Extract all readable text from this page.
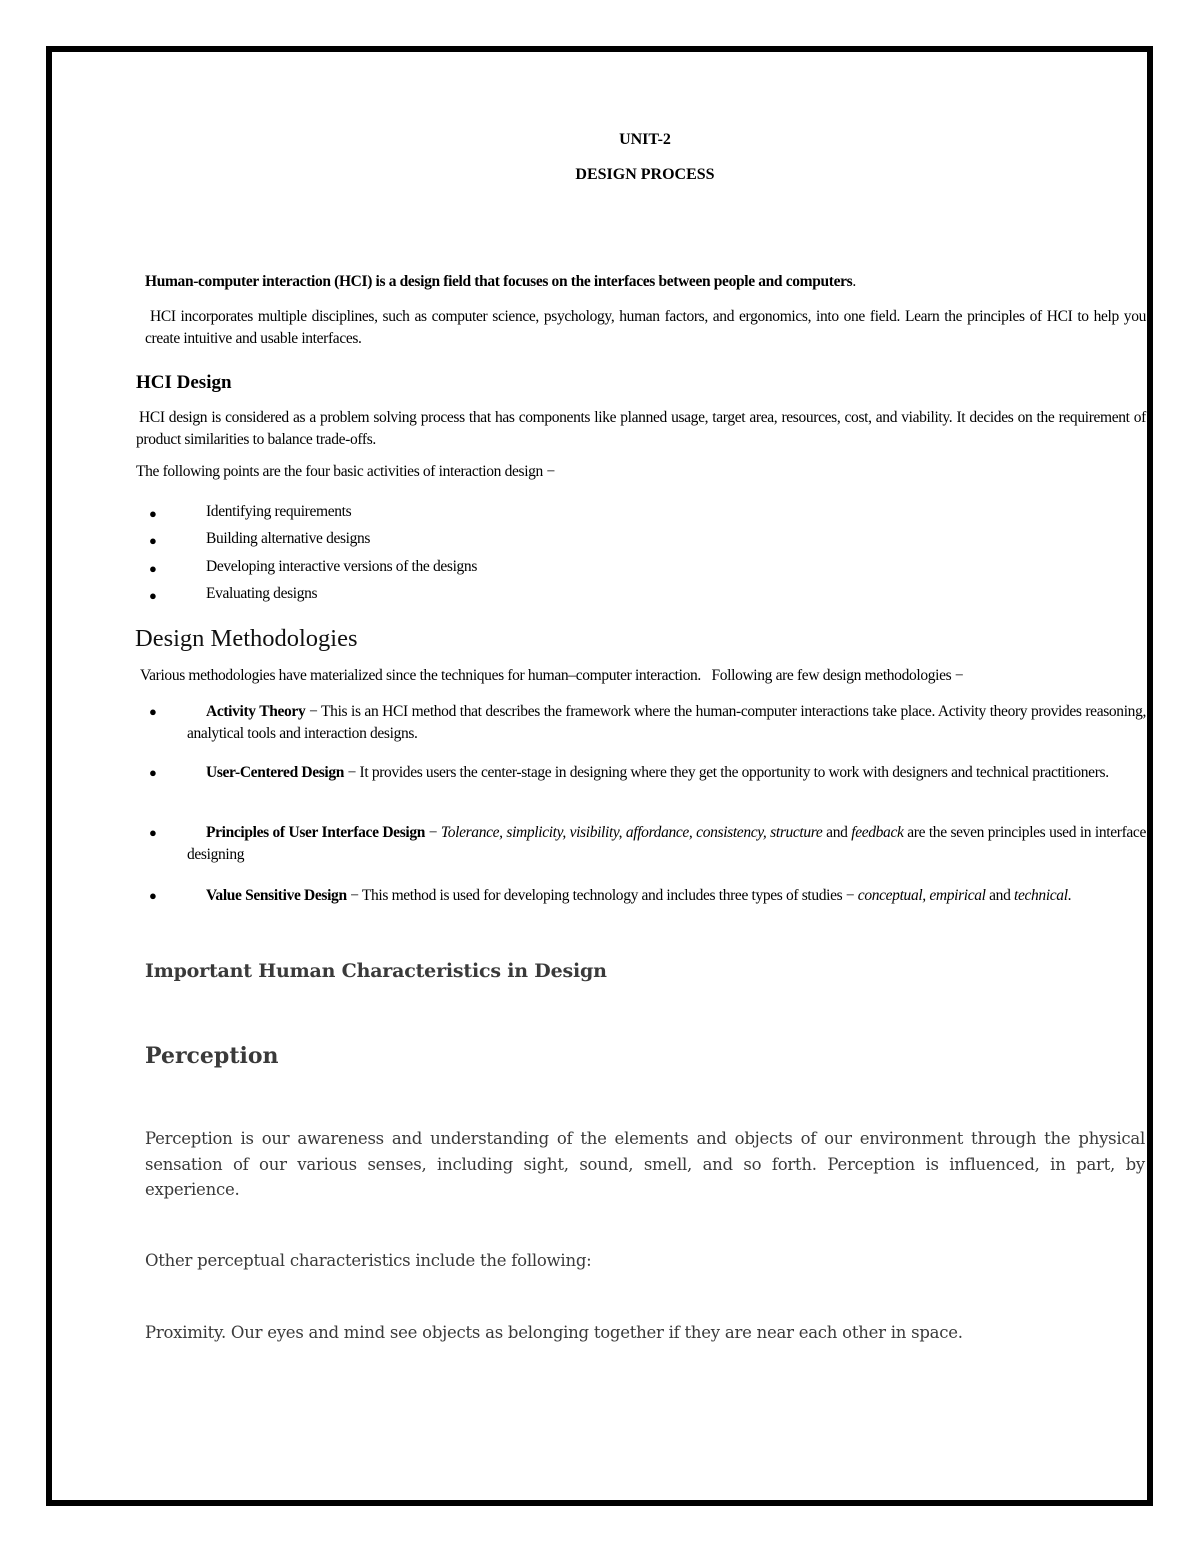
UNIT-2
DESIGN PROCESS

Human-computer interaction (HCI) is a design field that focuses on the interfaces between people and computers.

HCI incorporates multiple disciplines, such as computer science, psychology, human factors, and ergonomics, into one field. Learn the principles of HCI to help you create intuitive and usable interfaces.

HCI Design

HCI design is considered as a problem solving process that has components like planned usage, target area, resources, cost, and viability. It decides on the requirement of product similarities to balance trade-offs.

The following points are the four basic activities of interaction design −

●	Identifying requirements
●	Building alternative designs
●	Developing interactive versions of the designs
●	Evaluating designs
Design Methodologies

Various methodologies have materialized since the techniques for human–computer interaction.   Following are few design methodologies −

●	Activity Theory − This is an HCI method that describes the framework where the human-computer interactions take place. Activity theory provides reasoning, analytical tools and interaction designs.

●	User-Centered Design − It provides users the center-stage in designing where they get the opportunity to work with designers and technical practitioners.

●	Principles of User Interface Design − Tolerance, simplicity, visibility, affordance, consistency, structure and feedback are the seven principles used in interface designing

●	Value Sensitive Design − This method is used for developing technology and includes three types of studies − conceptual, empirical and technical.

Important Human Characteristics in Design
Perception

Perception is our awareness and understanding of the elements and objects of our environment through the physical sensation of our various senses, including sight, sound, smell, and so forth. Perception is influenced, in part, by experience.

Other perceptual characteristics include the following:

Proximity. Our eyes and mind see objects as belonging together if they are near each other in space.
